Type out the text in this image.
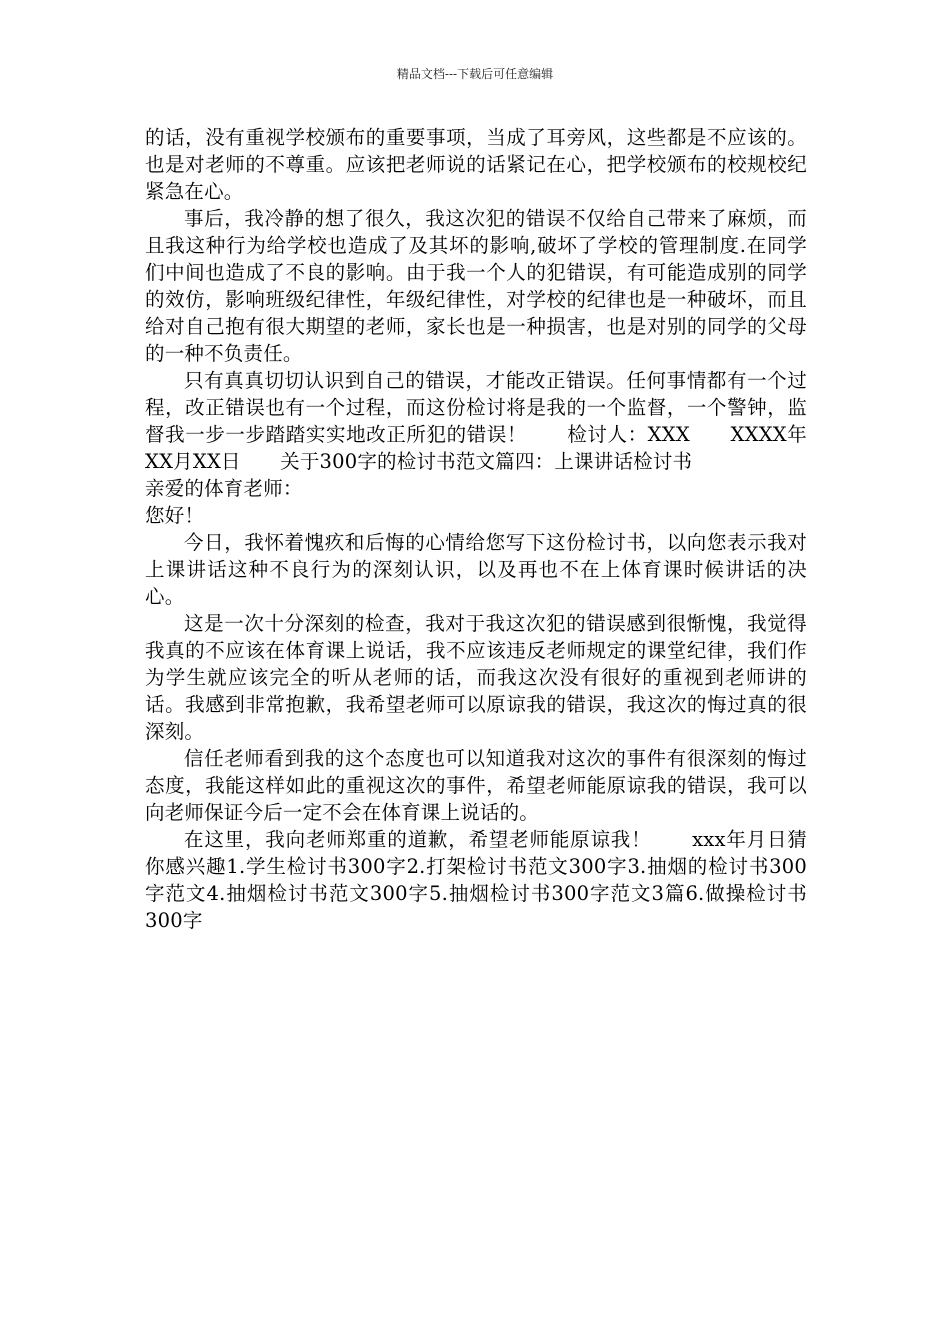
精品文档---下载后可任意编辑

的话，没有重视学校颁布的重要事项，当成了耳旁风，这些都是不应该的。也是对老师的不尊重。应该把老师说的话紧记在心，把学校颁布的校规校纪紧急在心。

事后，我冷静的想了很久，我这次犯的错误不仅给自己带来了麻烦，而且我这种行为给学校也造成了及其坏的影响,破坏了学校的管理制度.在同学们中间也造成了不良的影响。由于我一个人的犯错误，有可能造成别的同学的效仿，影响班级纪律性，年级纪律性，对学校的纪律也是一种破坏，而且给对自己抱有很大期望的老师，家长也是一种损害，也是对别的同学的父母的一种不负责任。

只有真真切切认识到自己的错误，才能改正错误。任何事情都有一个过程，改正错误也有一个过程，而这份检讨将是我的一个监督，一个警钟，监督我一步一步踏踏实实地改正所犯的错误！　　检讨人：XXX　　XXXX年XX月XX日　　关于300字的检讨书范文篇四：上课讲话检讨书

亲爱的体育老师：

您好！

今日，我怀着愧疚和后悔的心情给您写下这份检讨书，以向您表示我对上课讲话这种不良行为的深刻认识，以及再也不在上体育课时候讲话的决心。

这是一次十分深刻的检查，我对于我这次犯的错误感到很惭愧，我觉得我真的不应该在体育课上说话，我不应该违反老师规定的课堂纪律，我们作为学生就应该完全的听从老师的话，而我这次没有很好的重视到老师讲的话。我感到非常抱歉，我希望老师可以原谅我的错误，我这次的悔过真的很深刻。

信任老师看到我的这个态度也可以知道我对这次的事件有很深刻的悔过态度，我能这样如此的重视这次的事件，希望老师能原谅我的错误，我可以向老师保证今后一定不会在体育课上说话的。

在这里，我向老师郑重的道歉，希望老师能原谅我！　　xxx年月日猜你感兴趣1.学生检讨书300字2.打架检讨书范文300字3.抽烟的检讨书300字范文4.抽烟检讨书范文300字5.抽烟检讨书300字范文3篇6.做操检讨书300字
